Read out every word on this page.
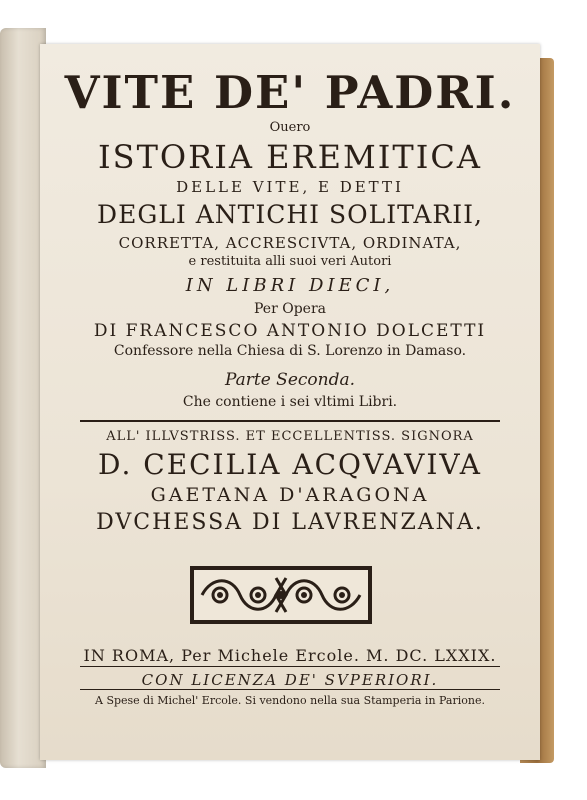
VITE DE' PADRI.
Ouero
ISTORIA EREMITICA
DELLE VITE, E DETTI
DEGLI ANTICHI SOLITARII,
CORRETTA, ACCRESCIVTA, ORDINATA,
e restituita alli suoi veri Autori
IN LIBRI DIECI,
Per Opera
DI FRANCESCO ANTONIO DOLCETTI
Confessore nella Chiesa di S. Lorenzo in Damaso.
Parte Seconda.
Che contiene i sei vltimi Libri.
ALL' ILLVSTRISS. ET ECCELLENTISS. SIGNORA
D. CECILIA ACQVAVIVA
GAETANA D'ARAGONA
DVCHESSA DI LAVRENZANA.
IN ROMA, Per Michele Ercole. M. DC. LXXIX.
CON LICENZA DE' SVPERIORI.
A Spese di Michel' Ercole. Si vendono nella sua Stamperia in Parione.
